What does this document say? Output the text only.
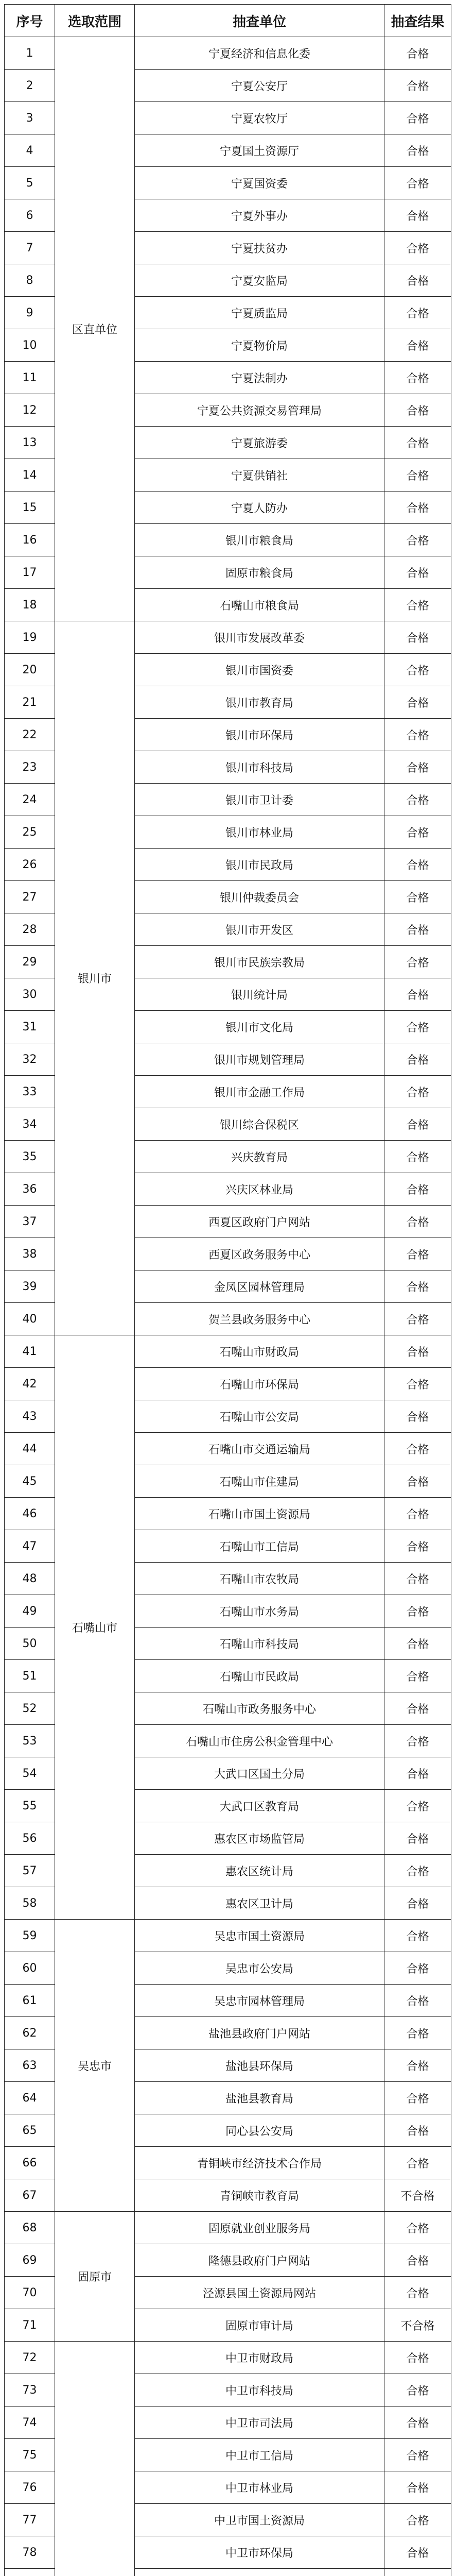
序号	选取范围	抽查单位	抽查结果
1	区直单位	宁夏经济和信息化委	合格
2		宁夏公安厅	合格
3		宁夏农牧厅	合格
4		宁夏国土资源厅	合格
5		宁夏国资委	合格
6		宁夏外事办	合格
7		宁夏扶贫办	合格
8		宁夏安监局	合格
9		宁夏质监局	合格
10		宁夏物价局	合格
11		宁夏法制办	合格
12		宁夏公共资源交易管理局	合格
13		宁夏旅游委	合格
14		宁夏供销社	合格
15		宁夏人防办	合格
16		银川市粮食局	合格
17		固原市粮食局	合格
18		石嘴山市粮食局	合格
19	银川市	银川市发展改革委	合格
20		银川市国资委	合格
21		银川市教育局	合格
22		银川市环保局	合格
23		银川市科技局	合格
24		银川市卫计委	合格
25		银川市林业局	合格
26		银川市民政局	合格
27		银川仲裁委员会	合格
28		银川市开发区	合格
29		银川市民族宗教局	合格
30		银川统计局	合格
31		银川市文化局	合格
32		银川市规划管理局	合格
33		银川市金融工作局	合格
34		银川综合保税区	合格
35		兴庆教育局	合格
36		兴庆区林业局	合格
37		西夏区政府门户网站	合格
38		西夏区政务服务中心	合格
39		金凤区园林管理局	合格
40		贺兰县政务服务中心	合格
41	石嘴山市	石嘴山市财政局	合格
42		石嘴山市环保局	合格
43		石嘴山市公安局	合格
44		石嘴山市交通运输局	合格
45		石嘴山市住建局	合格
46		石嘴山市国土资源局	合格
47		石嘴山市工信局	合格
48		石嘴山市农牧局	合格
49		石嘴山市水务局	合格
50		石嘴山市科技局	合格
51		石嘴山市民政局	合格
52		石嘴山市政务服务中心	合格
53		石嘴山市住房公积金管理中心	合格
54		大武口区国土分局	合格
55		大武口区教育局	合格
56		惠农区市场监管局	合格
57		惠农区统计局	合格
58		惠农区卫计局	合格
59	吴忠市	吴忠市国土资源局	合格
60		吴忠市公安局	合格
61		吴忠市园林管理局	合格
62		盐池县政府门户网站	合格
63		盐池县环保局	合格
64		盐池县教育局	合格
65		同心县公安局	合格
66		青铜峡市经济技术合作局	合格
67		青铜峡市教育局	不合格
68	固原市	固原就业创业服务局	合格
69		隆德县政府门户网站	合格
70		泾源县国土资源局网站	合格
71		固原市审计局	不合格
72		中卫市财政局	合格
73		中卫市科技局	合格
74		中卫市司法局	合格
75		中卫市工信局	合格
76		中卫市林业局	合格
77		中卫市国土资源局	合格
78		中卫市环保局	合格
